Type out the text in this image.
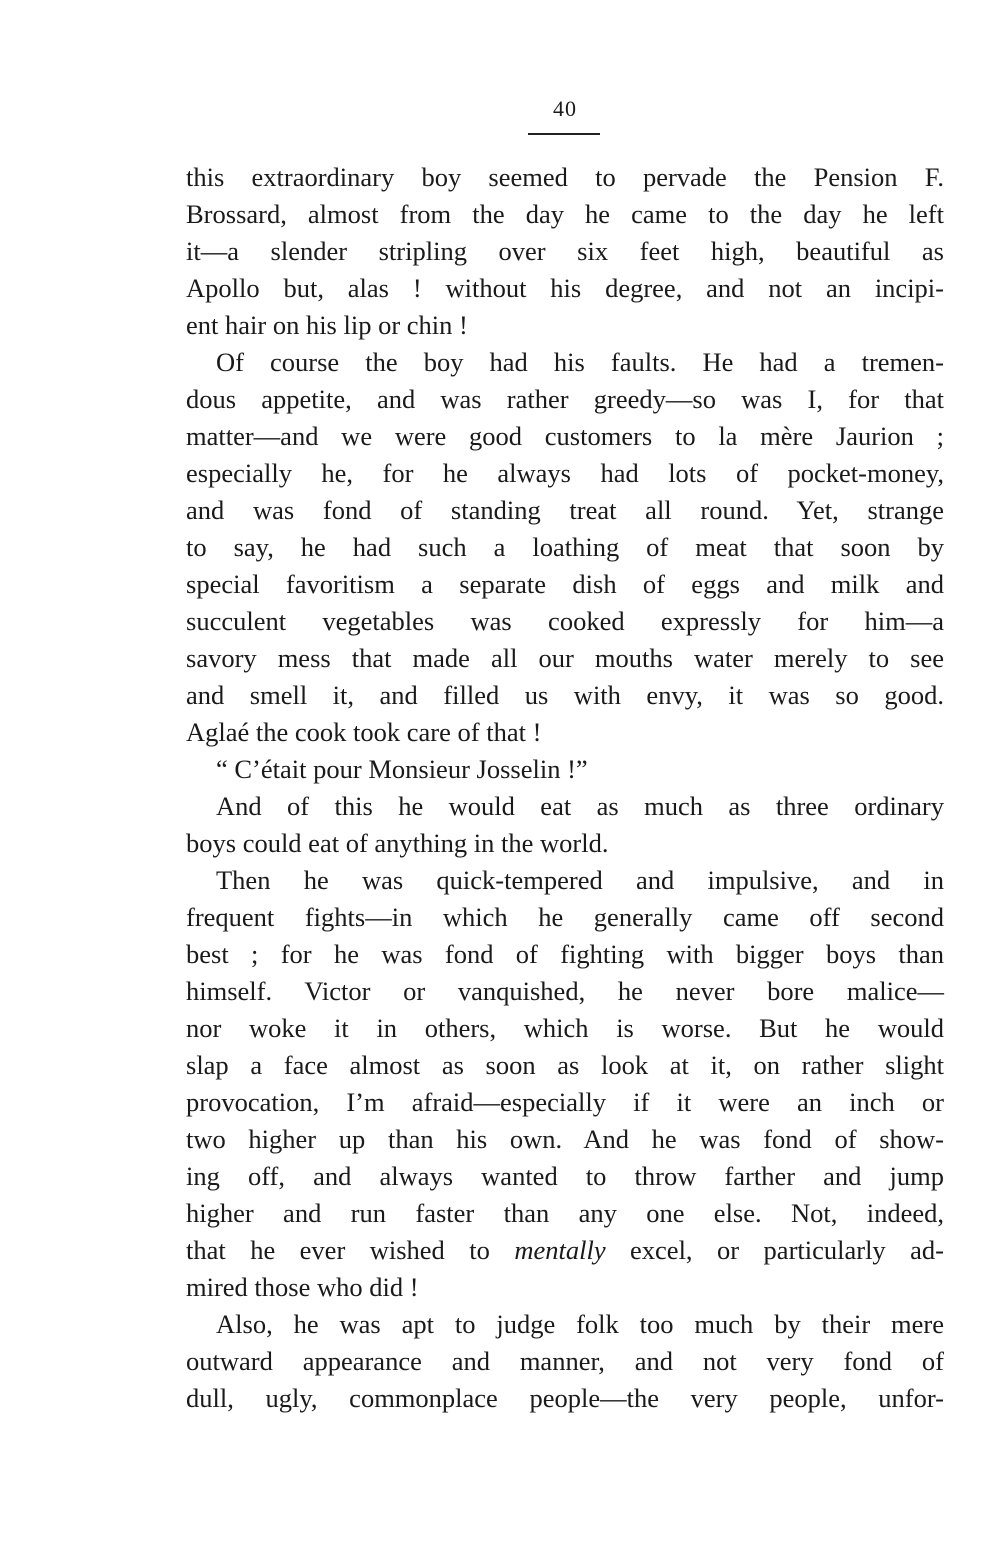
40
this extraordinary boy seemed to pervade the Pension F.
Brossard, almost from the day he came to the day he left
it—a slender stripling over six feet high, beautiful as
Apollo but, alas ! without his degree, and not an incipi-
ent hair on his lip or chin !
Of course the boy had his faults. He had a tremen-
dous appetite, and was rather greedy—so was I, for that
matter—and we were good customers to la mère Jaurion ;
especially he, for he always had lots of pocket-money,
and was fond of standing treat all round. Yet, strange
to say, he had such a loathing of meat that soon by
special favoritism a separate dish of eggs and milk and
succulent vegetables was cooked expressly for him—a
savory mess that made all our mouths water merely to see
and smell it, and filled us with envy, it was so good.
Aglaé the cook took care of that !
“ C’était pour Monsieur Josselin !”
And of this he would eat as much as three ordinary
boys could eat of anything in the world.
Then he was quick-tempered and impulsive, and in
frequent fights—in which he generally came off second
best ; for he was fond of fighting with bigger boys than
himself. Victor or vanquished, he never bore malice—
nor woke it in others, which is worse. But he would
slap a face almost as soon as look at it, on rather slight
provocation, I’m afraid—especially if it were an inch or
two higher up than his own. And he was fond of show-
ing off, and always wanted to throw farther and jump
higher and run faster than any one else. Not, indeed,
that he ever wished to mentally excel, or particularly ad-
mired those who did !
Also, he was apt to judge folk too much by their mere
outward appearance and manner, and not very fond of
dull, ugly, commonplace people—the very people, unfor-
